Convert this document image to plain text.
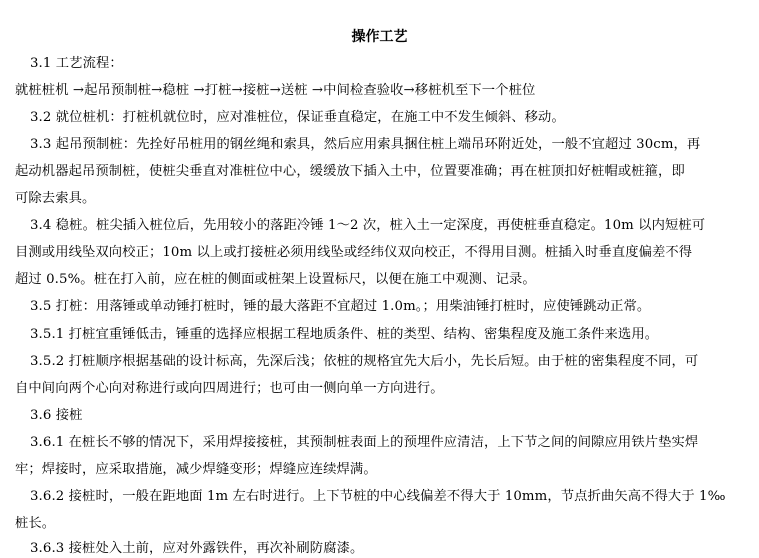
操作工艺
3.1 工艺流程：
就桩桩机 →起吊预制桩→稳桩 →打桩→接桩→送桩 →中间检查验收→移桩机至下一个桩位
3.2 就位桩机：打桩机就位时，应对准桩位，保证垂直稳定，在施工中不发生倾斜、移动。
3.3 起吊预制桩：先拴好吊桩用的钢丝绳和索具，然后应用索具捆住桩上端吊环附近处，一般不宜超过 30cm，再
起动机器起吊预制桩，使桩尖垂直对准桩位中心，缓缓放下插入土中，位置要准确；再在桩顶扣好桩帽或桩箍，即
可除去索具。
3.4 稳桩。桩尖插入桩位后，先用较小的落距冷锤 1～2 次，桩入土一定深度，再使桩垂直稳定。10m 以内短桩可
目测或用线坠双向校正；10m 以上或打接桩必须用线坠或经纬仪双向校正，不得用目测。桩插入时垂直度偏差不得
超过 0.5%。桩在打入前，应在桩的侧面或桩架上设置标尺，以便在施工中观测、记录。
3.5 打桩：用落锤或单动锤打桩时，锤的最大落距不宜超过 1.0m。；用柴油锤打桩时，应使锤跳动正常。
3.5.1 打桩宜重锤低击，锤重的选择应根据工程地质条件、桩的类型、结构、密集程度及施工条件来选用。
3.5.2 打桩顺序根据基础的设计标高，先深后浅；依桩的规格宜先大后小，先长后短。由于桩的密集程度不同，可
自中间向两个心向对称进行或向四周进行；也可由一侧向单一方向进行。
3.6 接桩
3.6.1 在桩长不够的情况下，采用焊接接桩，其预制桩表面上的预埋件应清洁，上下节之间的间隙应用铁片垫实焊
牢；焊接时，应采取措施，减少焊缝变形；焊缝应连续焊满。
3.6.2 接桩时，一般在距地面 1m 左右时进行。上下节桩的中心线偏差不得大于 10mm，节点折曲矢高不得大于 1‰
桩长。
3.6.3 接桩处入土前，应对外露铁件，再次补刷防腐漆。
